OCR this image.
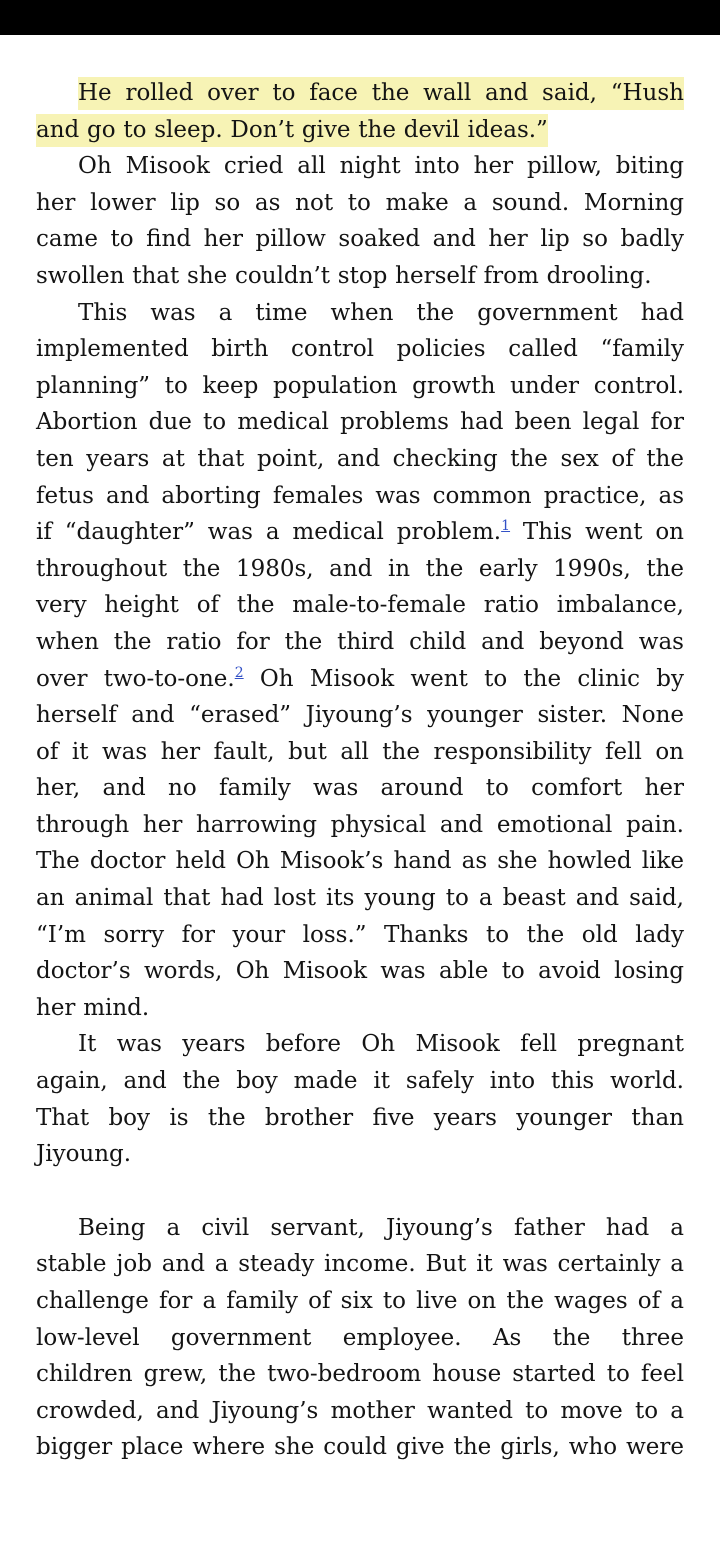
He rolled over to face the wall and said, “Hush
and go to sleep. Don’t give the devil ideas.”
Oh Misook cried all night into her pillow, biting
her lower lip so as not to make a sound. Morning
came to find her pillow soaked and her lip so badly
swollen that she couldn’t stop herself from drooling.
This was a time when the government had
implemented birth control policies called “family
planning” to keep population growth under control.
Abortion due to medical problems had been legal for
ten years at that point, and checking the sex of the
fetus and aborting females was common practice, as
if “daughter” was a medical problem.$^1$ This went on
throughout the 1980s, and in the early 1990s, the
very height of the male-to-female ratio imbalance,
when the ratio for the third child and beyond was
over two-to-one.$^2$ Oh Misook went to the clinic by
herself and “erased” Jiyoung’s younger sister. None
of it was her fault, but all the responsibility fell on
her, and no family was around to comfort her
through her harrowing physical and emotional pain.
The doctor held Oh Misook’s hand as she howled like
an animal that had lost its young to a beast and said,
“I’m sorry for your loss.” Thanks to the old lady
doctor’s words, Oh Misook was able to avoid losing
her mind.
It was years before Oh Misook fell pregnant
again, and the boy made it safely into this world.
That boy is the brother five years younger than
Jiyoung.
Being a civil servant, Jiyoung’s father had a
stable job and a steady income. But it was certainly a
challenge for a family of six to live on the wages of a
low-level government employee. As the three
children grew, the two-bedroom house started to feel
crowded, and Jiyoung’s mother wanted to move to a
bigger place where she could give the girls, who were
